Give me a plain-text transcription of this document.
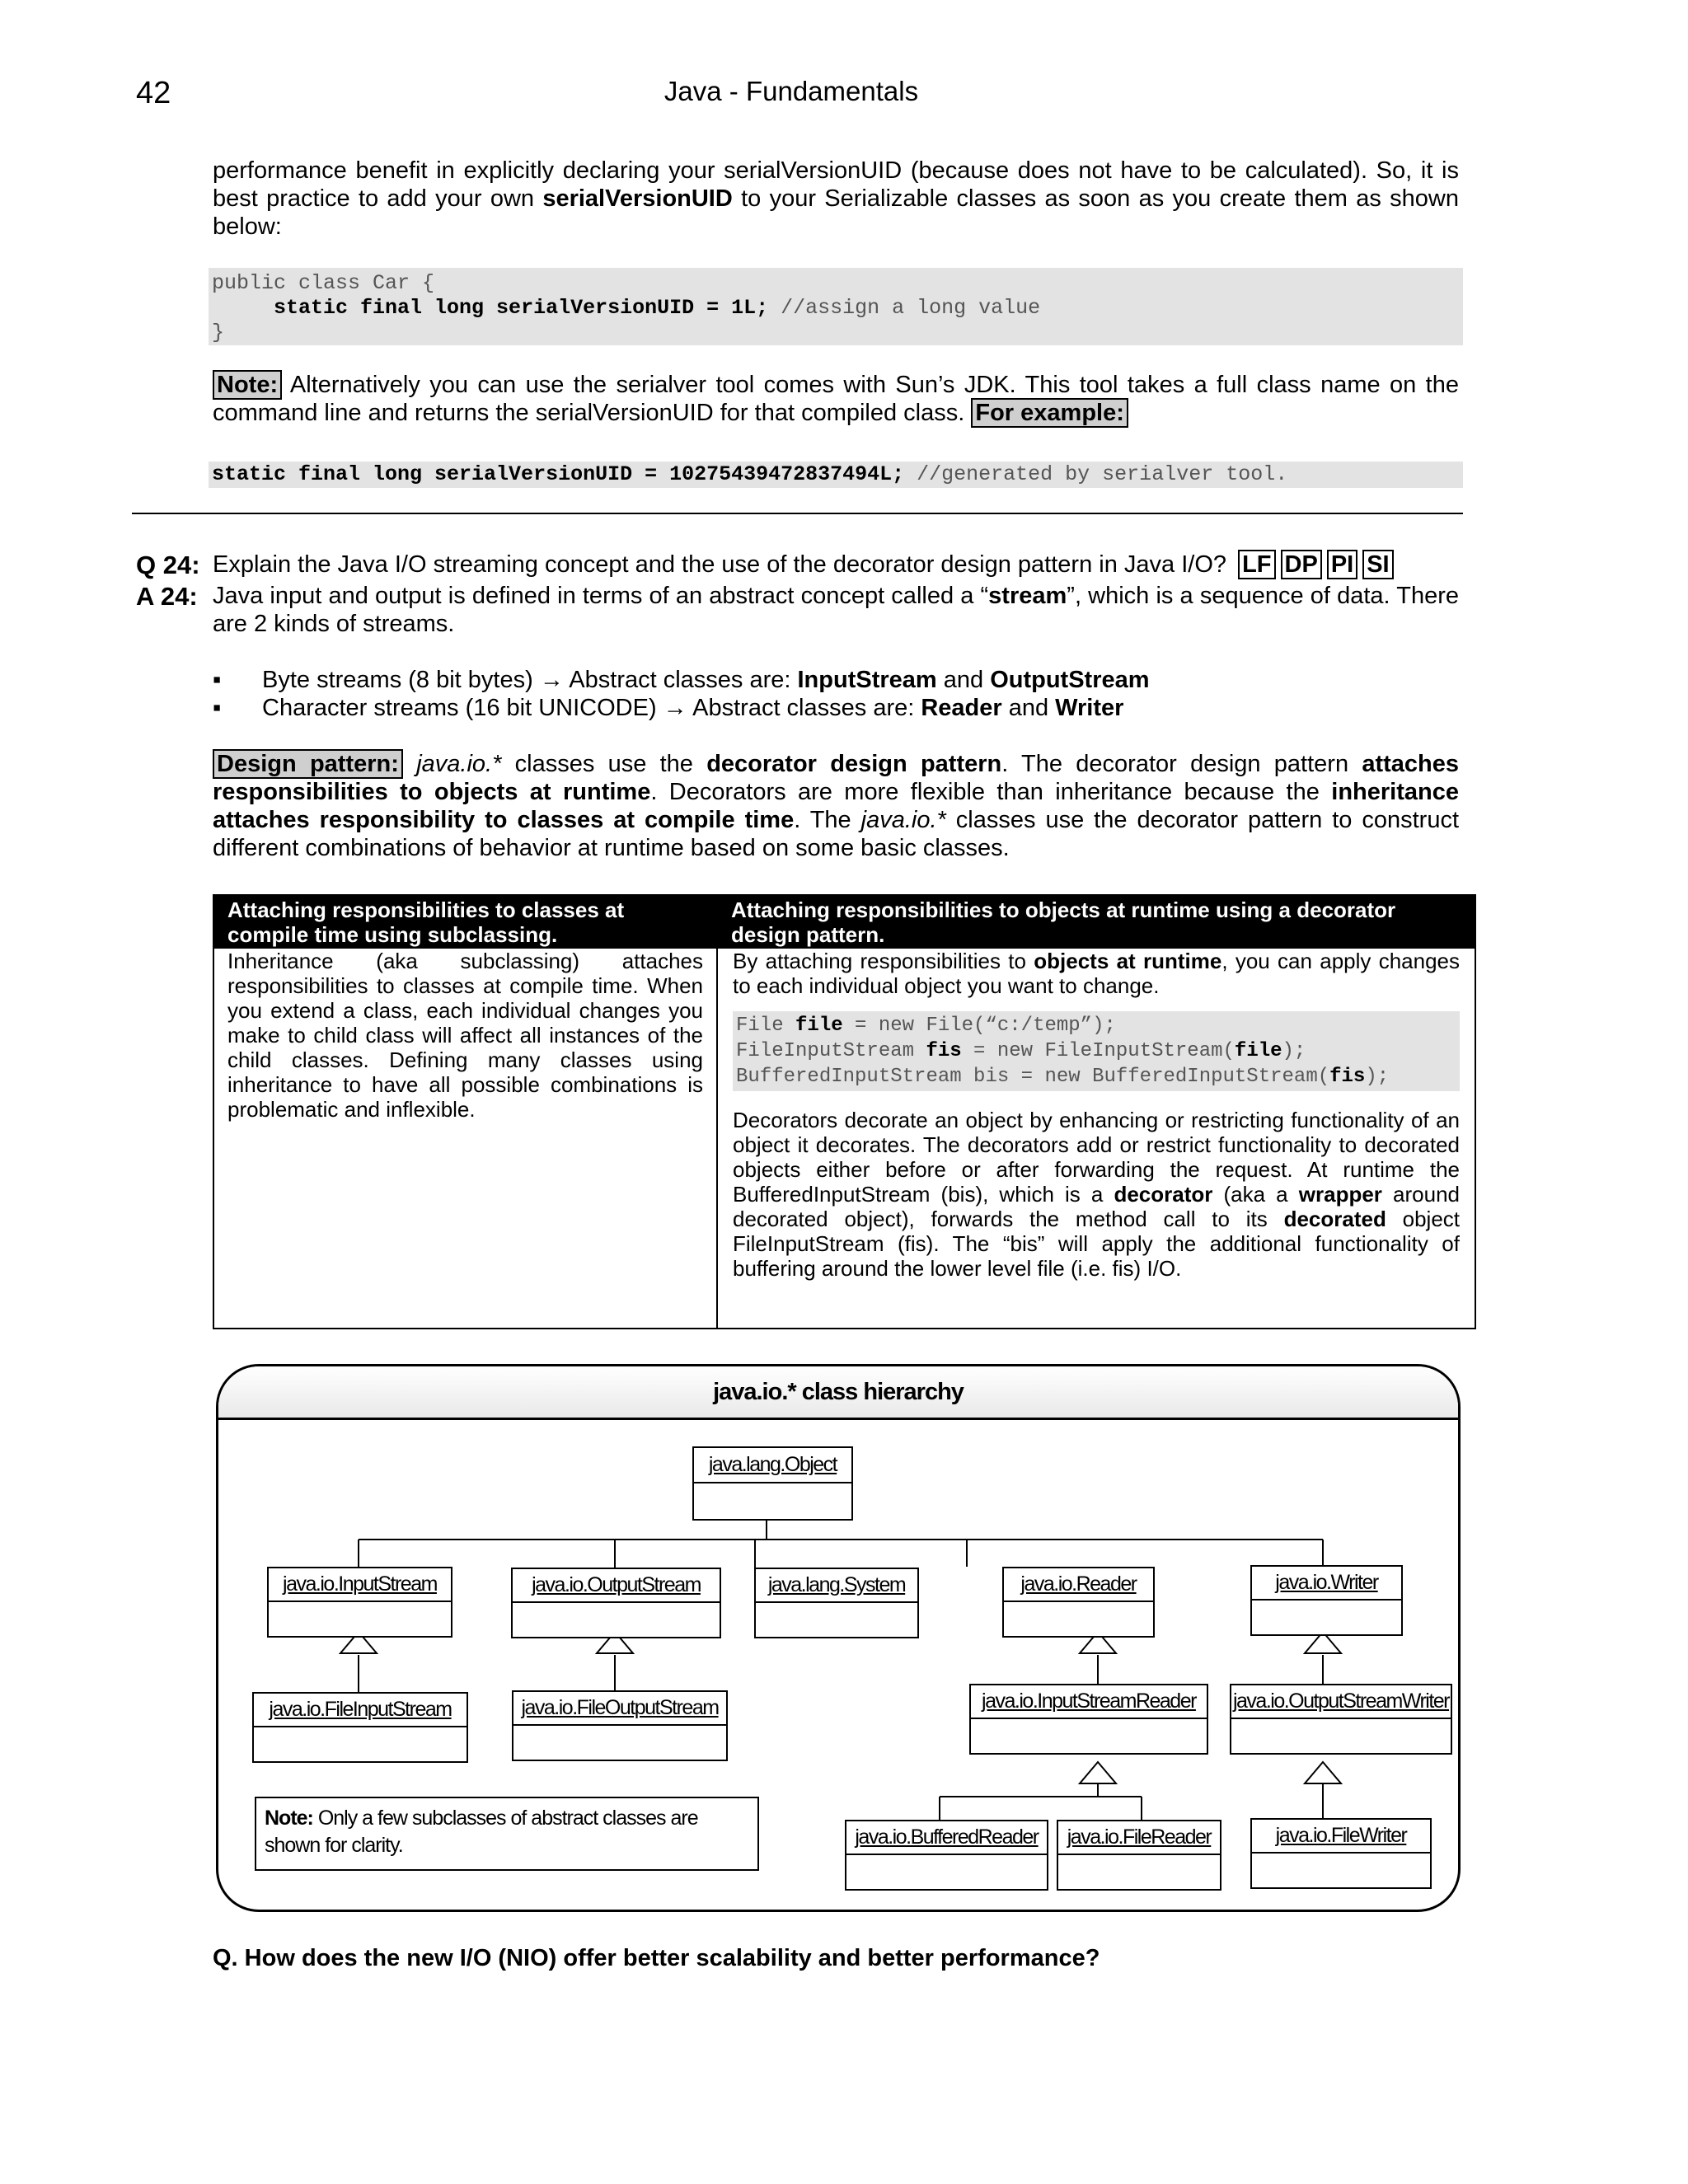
42	Java - Fundamentals
performance benefit in explicitly declaring your serialVersionUID (because does not have to be calculated). So, it is best practice to add your own serialVersionUID to your Serializable classes as soon as you create them as shown below:
public class Car {
static final long serialVersionUID = 1L; //assign a long value
}
Note: Alternatively you can use the serialver tool comes with Sun’s JDK. This tool takes a full class name on the command line and returns the serialVersionUID for that compiled class. For example:
static final long serialVersionUID = 10275439472837494L; //generated by serialver tool.
Q 24: Explain the Java I/O streaming concept and the use of the decorator design pattern in Java I/O? LF DP PI SI
A 24: Java input and output is defined in terms of an abstract concept called a “stream”, which is a sequence of data. There are 2 kinds of streams.
▪	Byte streams (8 bit bytes) → Abstract classes are: InputStream and OutputStream
▪	Character streams (16 bit UNICODE) → Abstract classes are: Reader and Writer
Design pattern: java.io.* classes use the decorator design pattern. The decorator design pattern attaches responsibilities to objects at runtime. Decorators are more flexible than inheritance because the inheritance attaches responsibility to classes at compile time. The java.io.* classes use the decorator pattern to construct different combinations of behavior at runtime based on some basic classes.
Attaching responsibilities to classes at compile time using subclassing.
Attaching responsibilities to objects at runtime using a decorator design pattern.
Inheritance (aka subclassing) attaches responsibilities to classes at compile time. When you extend a class, each individual changes you make to child class will affect all instances of the child classes. Defining many classes using inheritance to have all possible combinations is problematic and inflexible.
By attaching responsibilities to objects at runtime, you can apply changes to each individual object you want to change.
File file = new File(“c:/temp”);
FileInputStream fis = new FileInputStream(file);
BufferedInputStream bis = new BufferedInputStream(fis);
Decorators decorate an object by enhancing or restricting functionality of an object it decorates. The decorators add or restrict functionality to decorated objects either before or after forwarding the request. At runtime the BufferedInputStream (bis), which is a decorator (aka a wrapper around decorated object), forwards the method call to its decorated object FileInputStream (fis). The “bis” will apply the additional functionality of buffering around the lower level file (i.e. fis) I/O.
java.io.* class hierarchy
java.lang.Object
java.io.InputStream	java.io.OutputStream	java.lang.System	java.io.Reader	java.io.Writer
java.io.FileInputStream	java.io.FileOutputStream	java.io.InputStreamReader	java.io.OutputStreamWriter
java.io.BufferedReader	java.io.FileReader	java.io.FileWriter
Note: Only a few subclasses of abstract classes are shown for clarity.
Q. How does the new I/O (NIO) offer better scalability and better performance?
